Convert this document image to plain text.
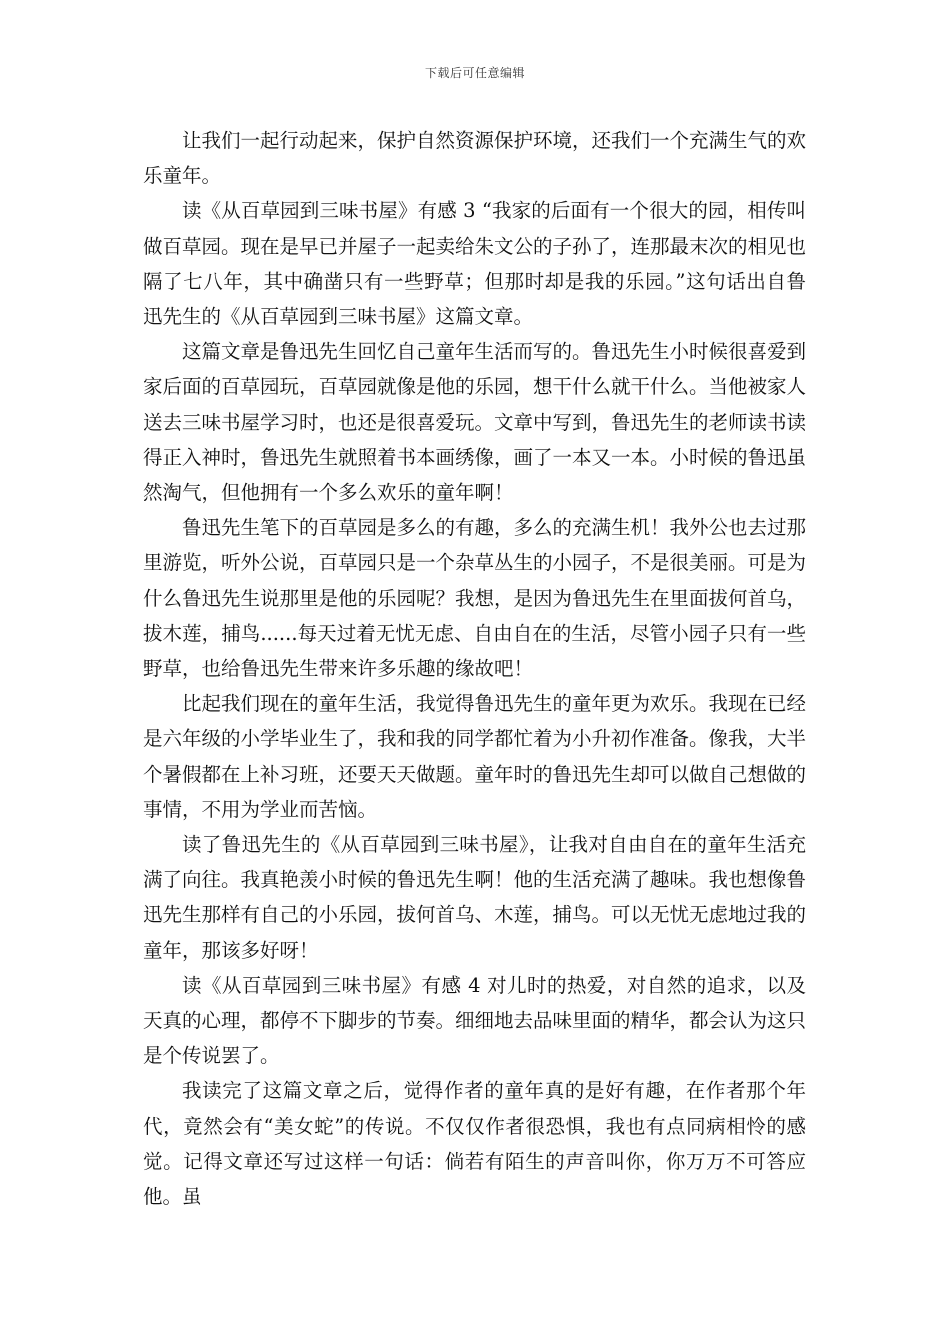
下载后可任意编辑

让我们一起行动起来，保护自然资源保护环境，还我们一个充满生气的欢乐童年。

读《从百草园到三味书屋》有感 3 “我家的后面有一个很大的园，相传叫做百草园。现在是早已并屋子一起卖给朱文公的子孙了，连那最末次的相见也隔了七八年，其中确凿只有一些野草；但那时却是我的乐园。”这句话出自鲁迅先生的《从百草园到三味书屋》这篇文章。

这篇文章是鲁迅先生回忆自己童年生活而写的。鲁迅先生小时候很喜爱到家后面的百草园玩，百草园就像是他的乐园，想干什么就干什么。当他被家人送去三味书屋学习时，也还是很喜爱玩。文章中写到，鲁迅先生的老师读书读得正入神时，鲁迅先生就照着书本画绣像，画了一本又一本。小时候的鲁迅虽然淘气，但他拥有一个多么欢乐的童年啊！

鲁迅先生笔下的百草园是多么的有趣，多么的充满生机！我外公也去过那里游览，听外公说，百草园只是一个杂草丛生的小园子，不是很美丽。可是为什么鲁迅先生说那里是他的乐园呢？我想，是因为鲁迅先生在里面拔何首乌，拔木莲，捕鸟......每天过着无忧无虑、自由自在的生活，尽管小园子只有一些野草，也给鲁迅先生带来许多乐趣的缘故吧！

比起我们现在的童年生活，我觉得鲁迅先生的童年更为欢乐。我现在已经是六年级的小学毕业生了，我和我的同学都忙着为小升初作准备。像我，大半个暑假都在上补习班，还要天天做题。童年时的鲁迅先生却可以做自己想做的事情，不用为学业而苦恼。

读了鲁迅先生的《从百草园到三味书屋》，让我对自由自在的童年生活充满了向往。我真艳羡小时候的鲁迅先生啊！他的生活充满了趣味。我也想像鲁迅先生那样有自己的小乐园，拔何首乌、木莲，捕鸟。可以无忧无虑地过我的童年，那该多好呀！

读《从百草园到三味书屋》有感 4 对儿时的热爱，对自然的追求，以及天真的心理，都停不下脚步的节奏。细细地去品味里面的精华，都会认为这只是个传说罢了。

我读完了这篇文章之后，觉得作者的童年真的是好有趣，在作者那个年代，竟然会有“美女蛇”的传说。不仅仅作者很恐惧，我也有点同病相怜的感觉。记得文章还写过这样一句话：倘若有陌生的声音叫你，你万万不可答应他。虽
